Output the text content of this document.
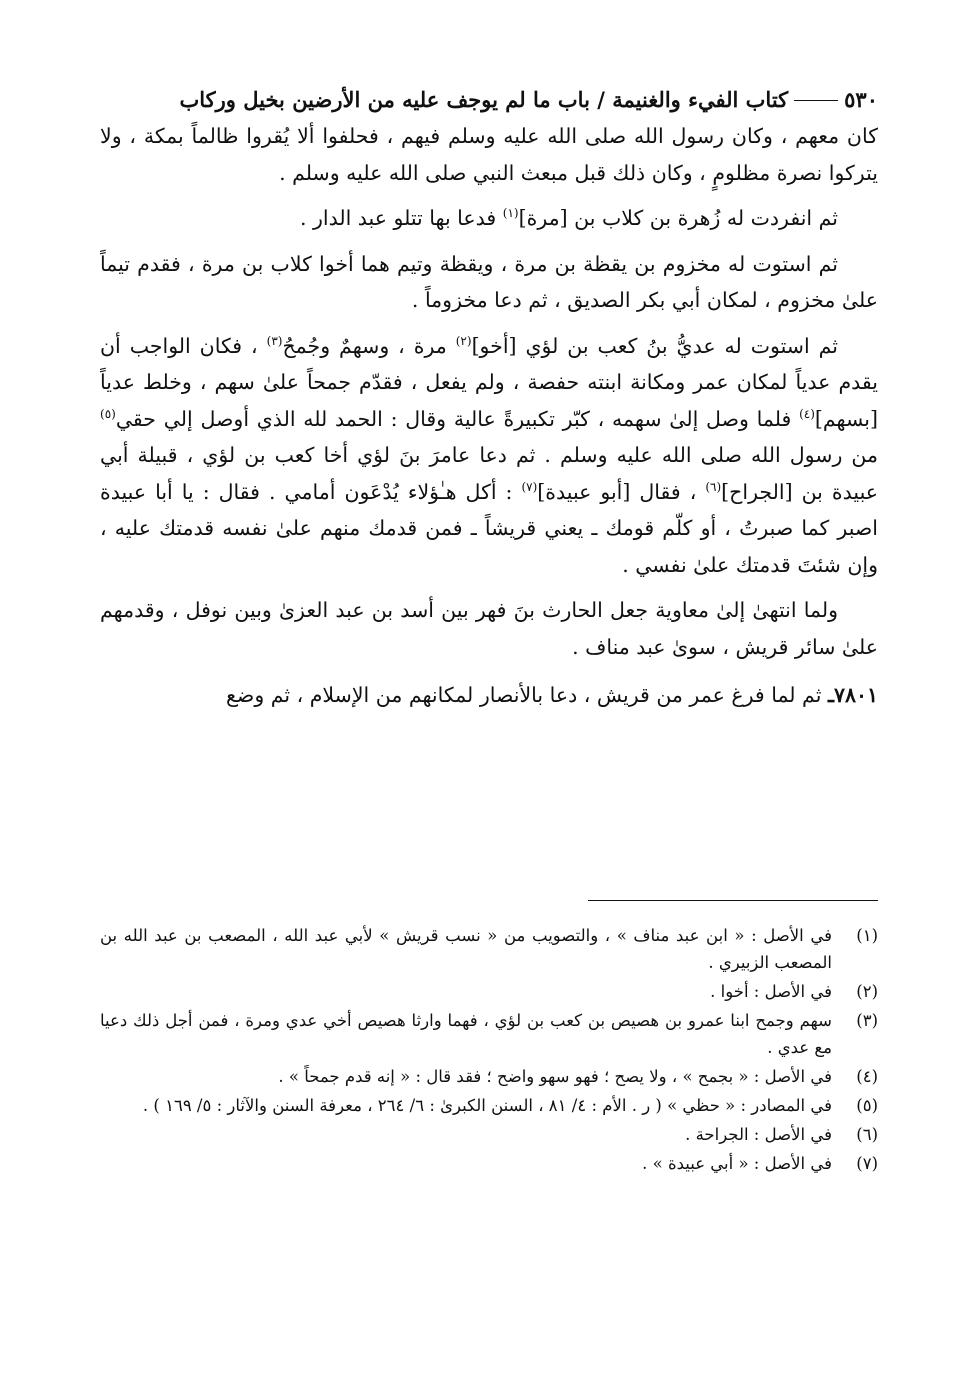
٥٣٠
كتاب الفيء والغنيمة / باب ما لم يوجف عليه من الأرضين بخيل وركاب

كان معهم ، وكان رسول الله صلى الله عليه وسلم فيهم ، فحلفوا ألا يُقروا ظالماً بمكة ، ولا يتركوا نصرة مظلومٍ ، وكان ذلك قبل مبعث النبي صلى الله عليه وسلم .

ثم انفردت له زُهرة بن كلاب بن [مرة]$^{(١)}$ فدعا بها تتلو عبد الدار .

ثم استوت له مخزوم بن يقظة بن مرة ، ويقظة وتيم هما أخوا كلاب بن مرة ، فقدم تيماً علىٰ مخزوم ، لمكان أبي بكر الصديق ، ثم دعا مخزوماً .

ثم استوت له عديُّ بنُ كعب بن لؤي [أخو]$^{(٢)}$ مرة ، وسهمٌ وجُمحُ$^{(٣)}$ ، فكان الواجب أن يقدم عدياً لمكان عمر ومكانة ابنته حفصة ، ولم يفعل ، فقدّم جمحاً علىٰ سهم ، وخلط عدياً [بسهم]$^{(٤)}$ فلما وصل إلىٰ سهمه ، كبّر تكبيرةً عالية وقال : الحمد لله الذي أوصل إلي حقي$^{(٥)}$ من رسول الله صلى الله عليه وسلم . ثم دعا عامرَ بنَ لؤي أخا كعب بن لؤي ، قبيلة أبي عبيدة بن [الجراح]$^{(٦)}$ ، فقال [أبو عبيدة]$^{(٧)}$ : أكل هـٰؤلاء يُدْعَون أمامي . فقال : يا أبا عبيدة اصبر كما صبرتُ ، أو كلّم قومك ـ يعني قريشاً ـ فمن قدمك منهم علىٰ نفسه قدمتك عليه ، وإن شئتَ قدمتك علىٰ نفسي .

ولما انتهىٰ إلىٰ معاوية جعل الحارث بنَ فهر بين أسد بن عبد العزىٰ وبين نوفل ، وقدمهم علىٰ سائر قريش ، سوىٰ عبد مناف .

٧٨٠١ـ ثم لما فرغ عمر من قريش ، دعا بالأنصار لمكانهم من الإسلام ، ثم وضع
(١)
في الأصل : « ابن عبد مناف » ، والتصويب من « نسب قريش » لأبي عبد الله ، المصعب بن عبد الله بن المصعب الزبيري .
(٢)
في الأصل : أخوا .
(٣)
سهم وجمح ابنا عمرو بن هصيص بن كعب بن لؤي ، فهما وارثا هصيص أخي عدي ومرة ، فمن أجل ذلك دعيا مع عدي .
(٤)
في الأصل : « بجمح » ، ولا يصح ؛ فهو سهو واضح ؛ فقد قال : « إنه قدم جمحاً » .
(٥)
في المصادر : « حظي » ( ر . الأم : ٤/ ٨١ ، السنن الكبرىٰ : ٦/ ٢٦٤ ، معرفة السنن والآثار : ٥/ ١٦٩ ) .
(٦)
في الأصل : الجراحة .
(٧)
في الأصل : « أبي عبيدة » .
